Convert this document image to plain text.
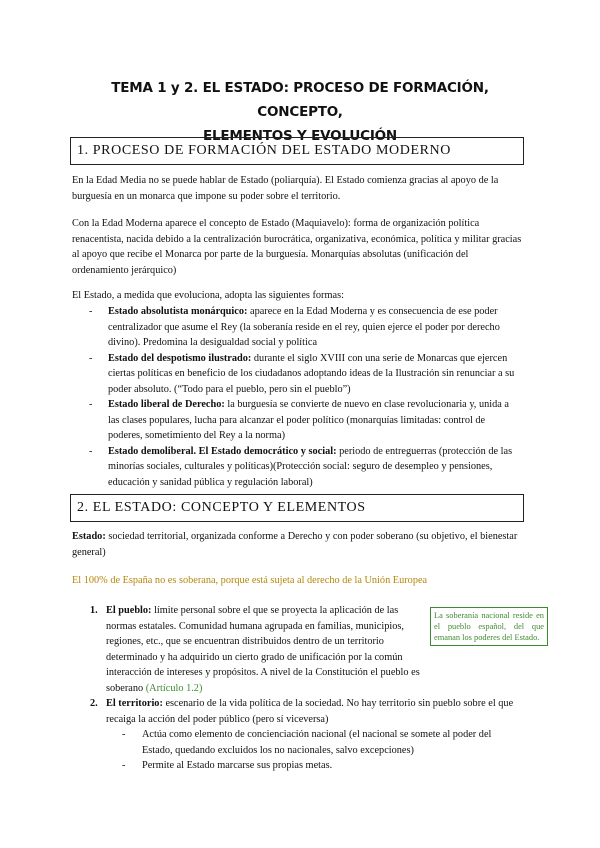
TEMA 1 y 2. EL ESTADO: PROCESO DE FORMACIÓN, CONCEPTO,
ELEMENTOS Y EVOLUCIÓN
1. PROCESO DE FORMACIÓN DEL ESTADO MODERNO
En la Edad Media no se puede hablar de Estado (poliarquía). El Estado comienza gracias al apoyo de la burguesía en un monarca que impone su poder sobre el territorio.
Con la Edad Moderna aparece el concepto de Estado (Maquiavelo): forma de organización política renacentista, nacida debido a la centralización burocrática, organizativa, económica, política y militar gracias al apoyo que recibe el Monarca por parte de la burguesía. Monarquías absolutas (unificación del ordenamiento jerárquico)
El Estado, a medida que evoluciona, adopta las siguientes formas:
- Estado absolutista monárquico: aparece en la Edad Moderna y es consecuencia de ese poder centralizador que asume el Rey (la soberanía reside en el rey, quien ejerce el poder por derecho divino). Predomina la desigualdad social y política
- Estado del despotismo ilustrado: durante el siglo XVIII con una serie de Monarcas que ejercen ciertas políticas en beneficio de los ciudadanos adoptando ideas de la Ilustración sin renunciar a su poder absoluto. (“Todo para el pueblo, pero sin el pueblo”)
- Estado liberal de Derecho: la burguesía se convierte de nuevo en clase revolucionaria y, unida a las clases populares, lucha para alcanzar el poder político (monarquías limitadas: control de poderes, sometimiento del Rey a la norma)
- Estado demoliberal. El Estado democrático y social: periodo de entreguerras (protección de las minorías sociales, culturales y políticas)(Protección social: seguro de desempleo y pensiones, educación y sanidad pública y regulación laboral)
2. EL ESTADO: CONCEPTO Y ELEMENTOS
Estado: sociedad territorial, organizada conforme a Derecho y con poder soberano (su objetivo, el bienestar general)
El 100% de España no es soberana, porque está sujeta al derecho de la Unión Europea
1. El pueblo: límite personal sobre el que se proyecta la aplicación de las normas estatales. Comunidad humana agrupada en familias, municipios, regiones, etc., que se encuentran distribuidos dentro de un territorio determinado y ha adquirido un cierto grado de unificación por la común interacción de intereses y propósitos. A nivel de la Constitución el pueblo es soberano (Artículo 1.2)
2. El territorio: escenario de la vida política de la sociedad. No hay territorio sin pueblo sobre el que recaiga la acción del poder público (pero sí viceversa)
- Actúa como elemento de concienciación nacional (el nacional se somete al poder del Estado, quedando excluidos los no nacionales, salvo excepciones)
- Permite al Estado marcarse sus propias metas.
La soberanía nacional reside en el pueblo español, del que emanan los poderes del Estado.
